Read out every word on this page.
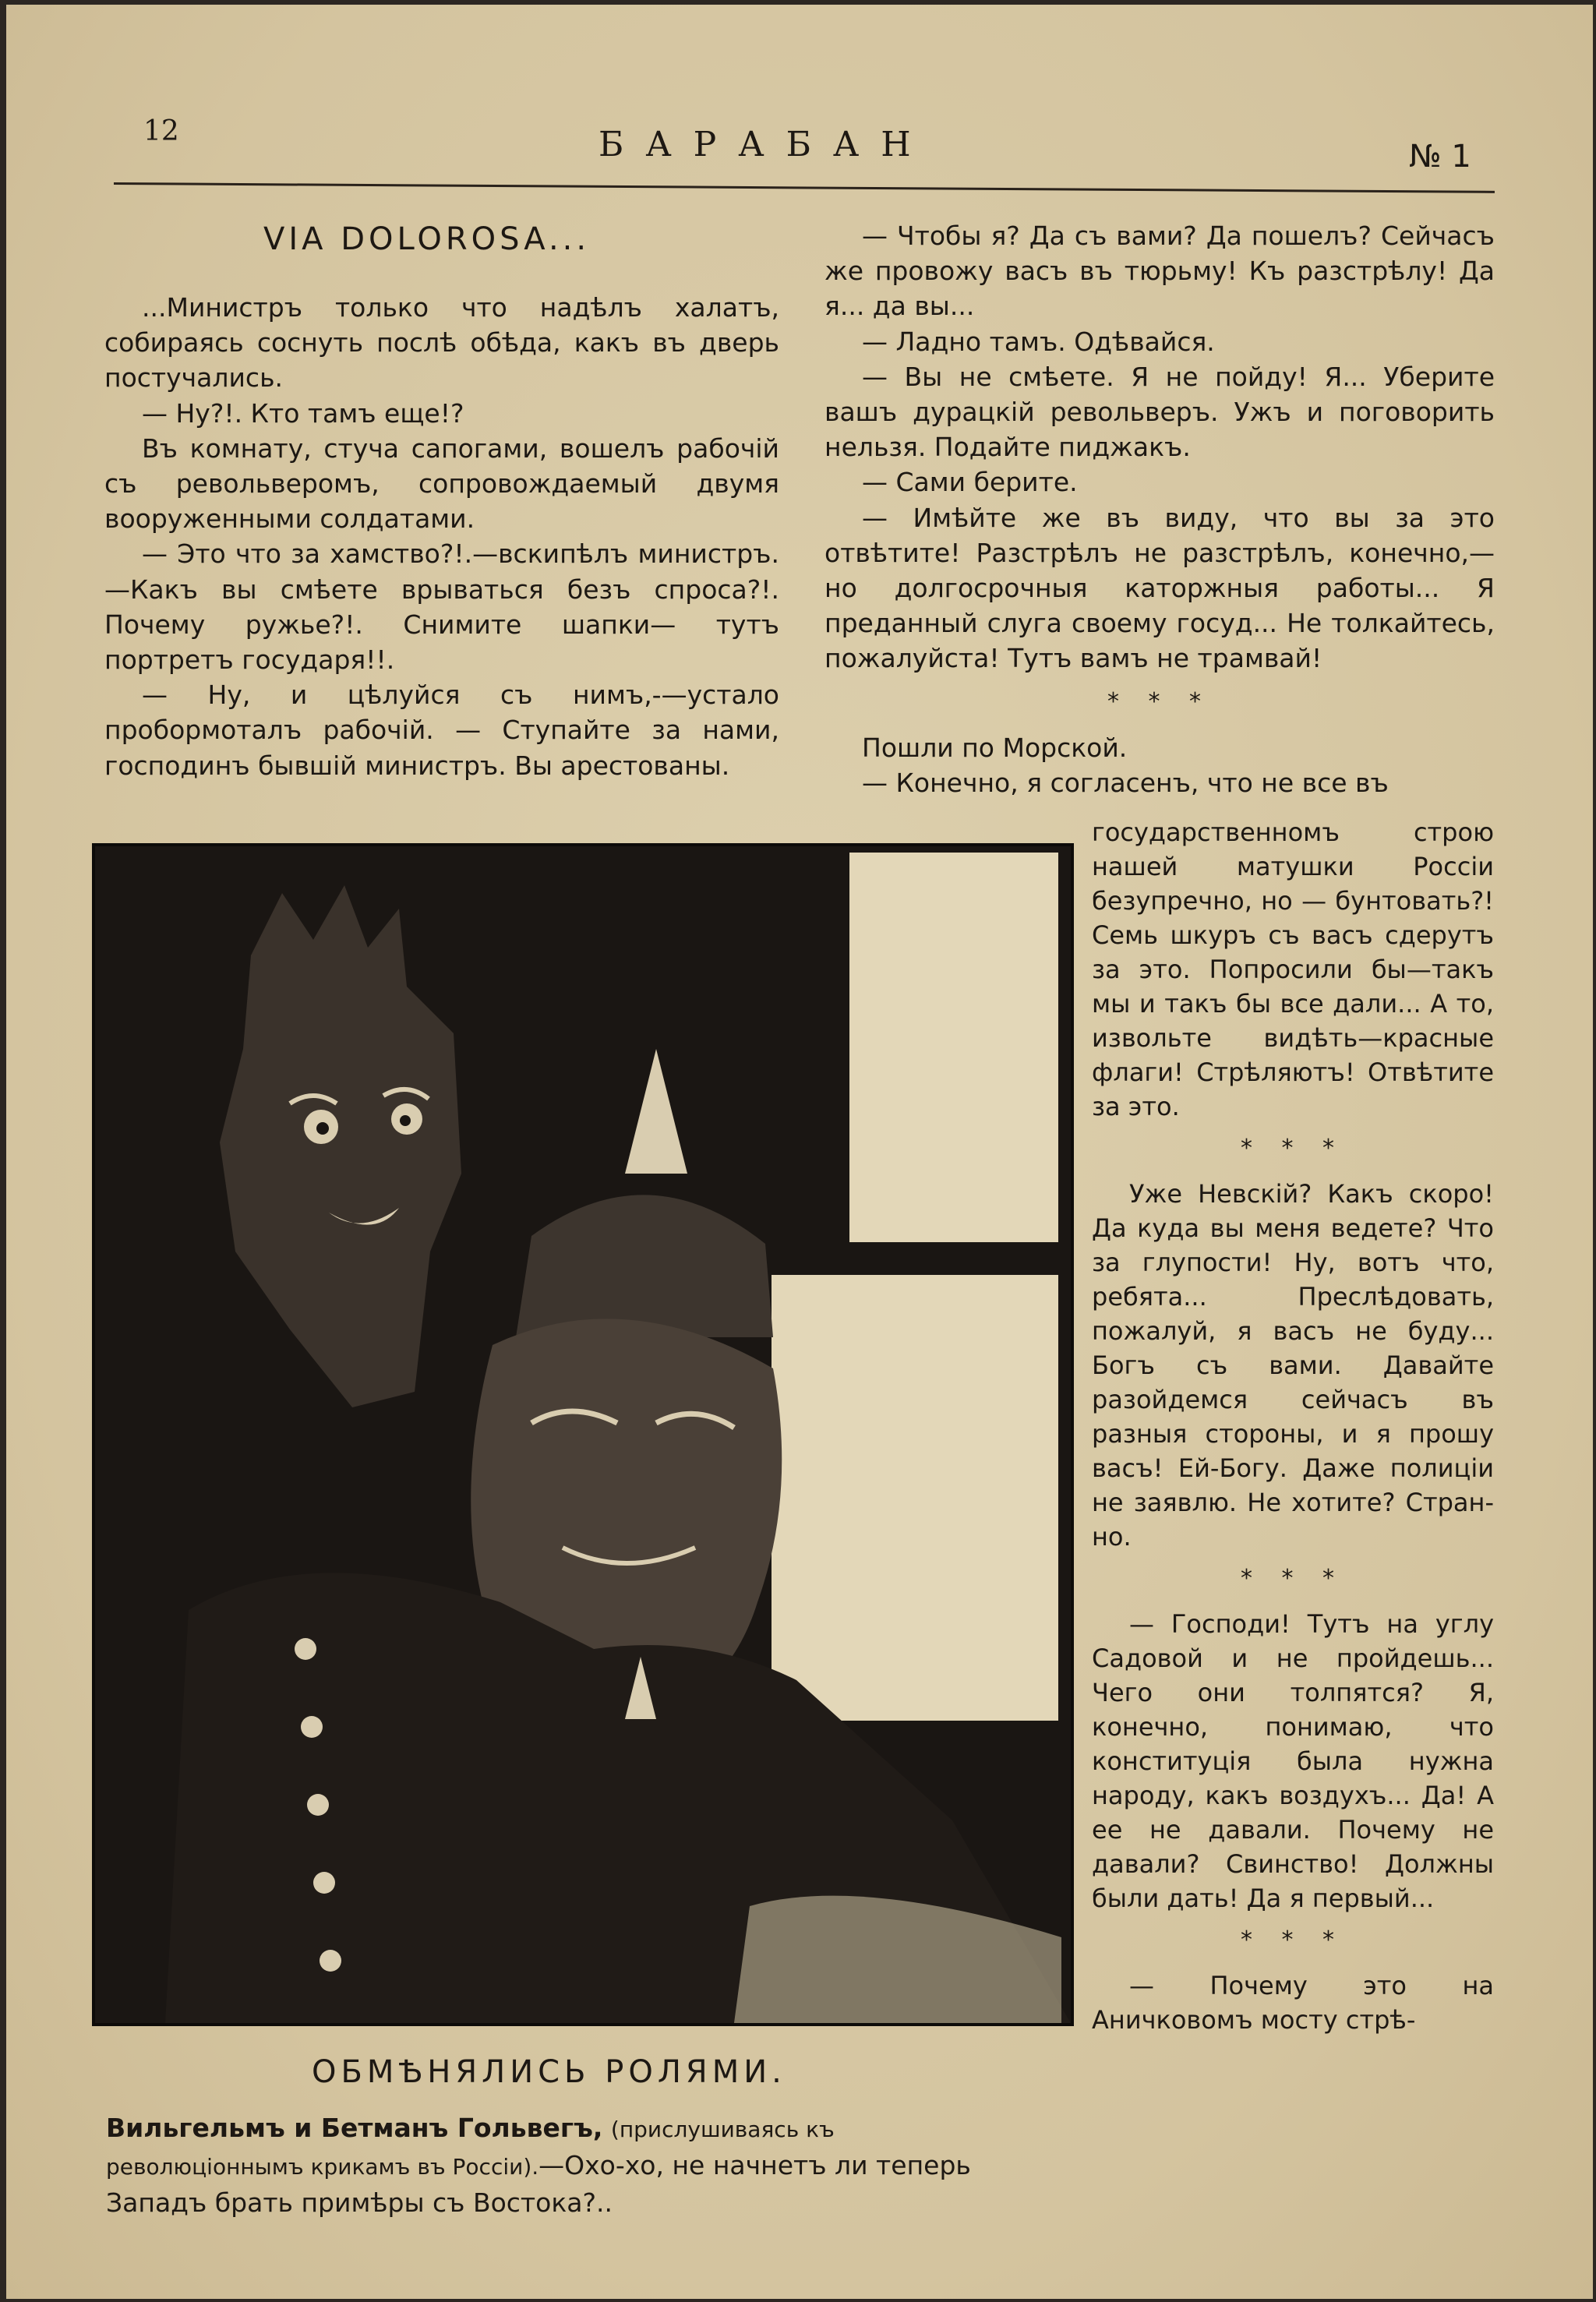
12	БАРАБАН	№ 1
VIA DOLOROSA...

...Министръ только что надѣлъ халатъ, собираясь соснуть послѣ обѣда, какъ въ дверь постучались.

— Ну?!. Кто тамъ еще!?

Въ комнату, стуча сапогами, вошелъ рабочій съ револьверомъ, сопровождаемый двумя вооруженными солдатами.

— Это что за хамство?!.—вскипѣлъ министръ.—Какъ вы смѣете врываться безъ спроса?!. Почему ружье?!. Снимите шапки— тутъ портретъ государя!!.

— Ну, и цѣлуйся съ нимъ,-—устало пробормоталъ рабочій. — Ступайте за нами, господинъ бывшій министръ. Вы арестованы.

— Чтобы я? Да съ вами? Да пошелъ? Сейчасъ же провожу васъ въ тюрьму! Къ разстрѣлу! Да я... да вы...

— Ладно тамъ. Одѣвайся.

— Вы не смѣете. Я не пойду! Я... Уберите вашъ дурацкій револьверъ. Ужъ и поговорить нельзя. Подайте пиджакъ.

— Сами берите.

— Имѣйте же въ виду, что вы за это отвѣтите! Разстрѣлъ не разстрѣлъ, конечно,— но долгосрочныя каторжныя работы... Я преданный слуга своему госуд... Не толкайтесь, пожалуйста! Тутъ вамъ не трамвай!

* * *

Пошли по Морской.

— Конечно, я согласенъ, что не все въ

государственномъ строю нашей матушки Россіи безупречно, но — бунтовать?! Семь шкуръ съ васъ сдерутъ за это. Попросили бы—такъ мы и такъ бы все дали... А то, извольте видѣть—красные флаги! Стрѣляютъ! Отвѣтите за это.

* * *

Уже Невскій? Какъ скоро! Да куда вы меня ведете? Что за глупости! Ну, вотъ что, ребята... Преслѣдовать, пожалуй, я васъ не буду... Богъ съ вами. Давайте разойдемся сейчасъ въ разныя стороны, и я прошу васъ! Ей-Богу. Даже полиціи не заявлю. Не хотите? Стран-но.

* * *

— Господи! Тутъ на углу Садовой и не пройдешь... Чего они толпятся? Я, конечно, понимаю, что конституція была нужна народу, какъ воздухъ... Да! А ее не давали. Почему не давали? Свинство! Должны были дать! Да я первый...

* * *

— Почему это на Аничковомъ мосту стрѣ-

ОБМѢНЯЛИСЬ РОЛЯМИ.
Вильгельмъ и Бетманъ Гольвегъ, (прислушиваясь къ революціоннымъ крикамъ въ Россіи).—Охо-хо, не начнетъ ли теперь Западъ брать примѣры съ Востока?..
